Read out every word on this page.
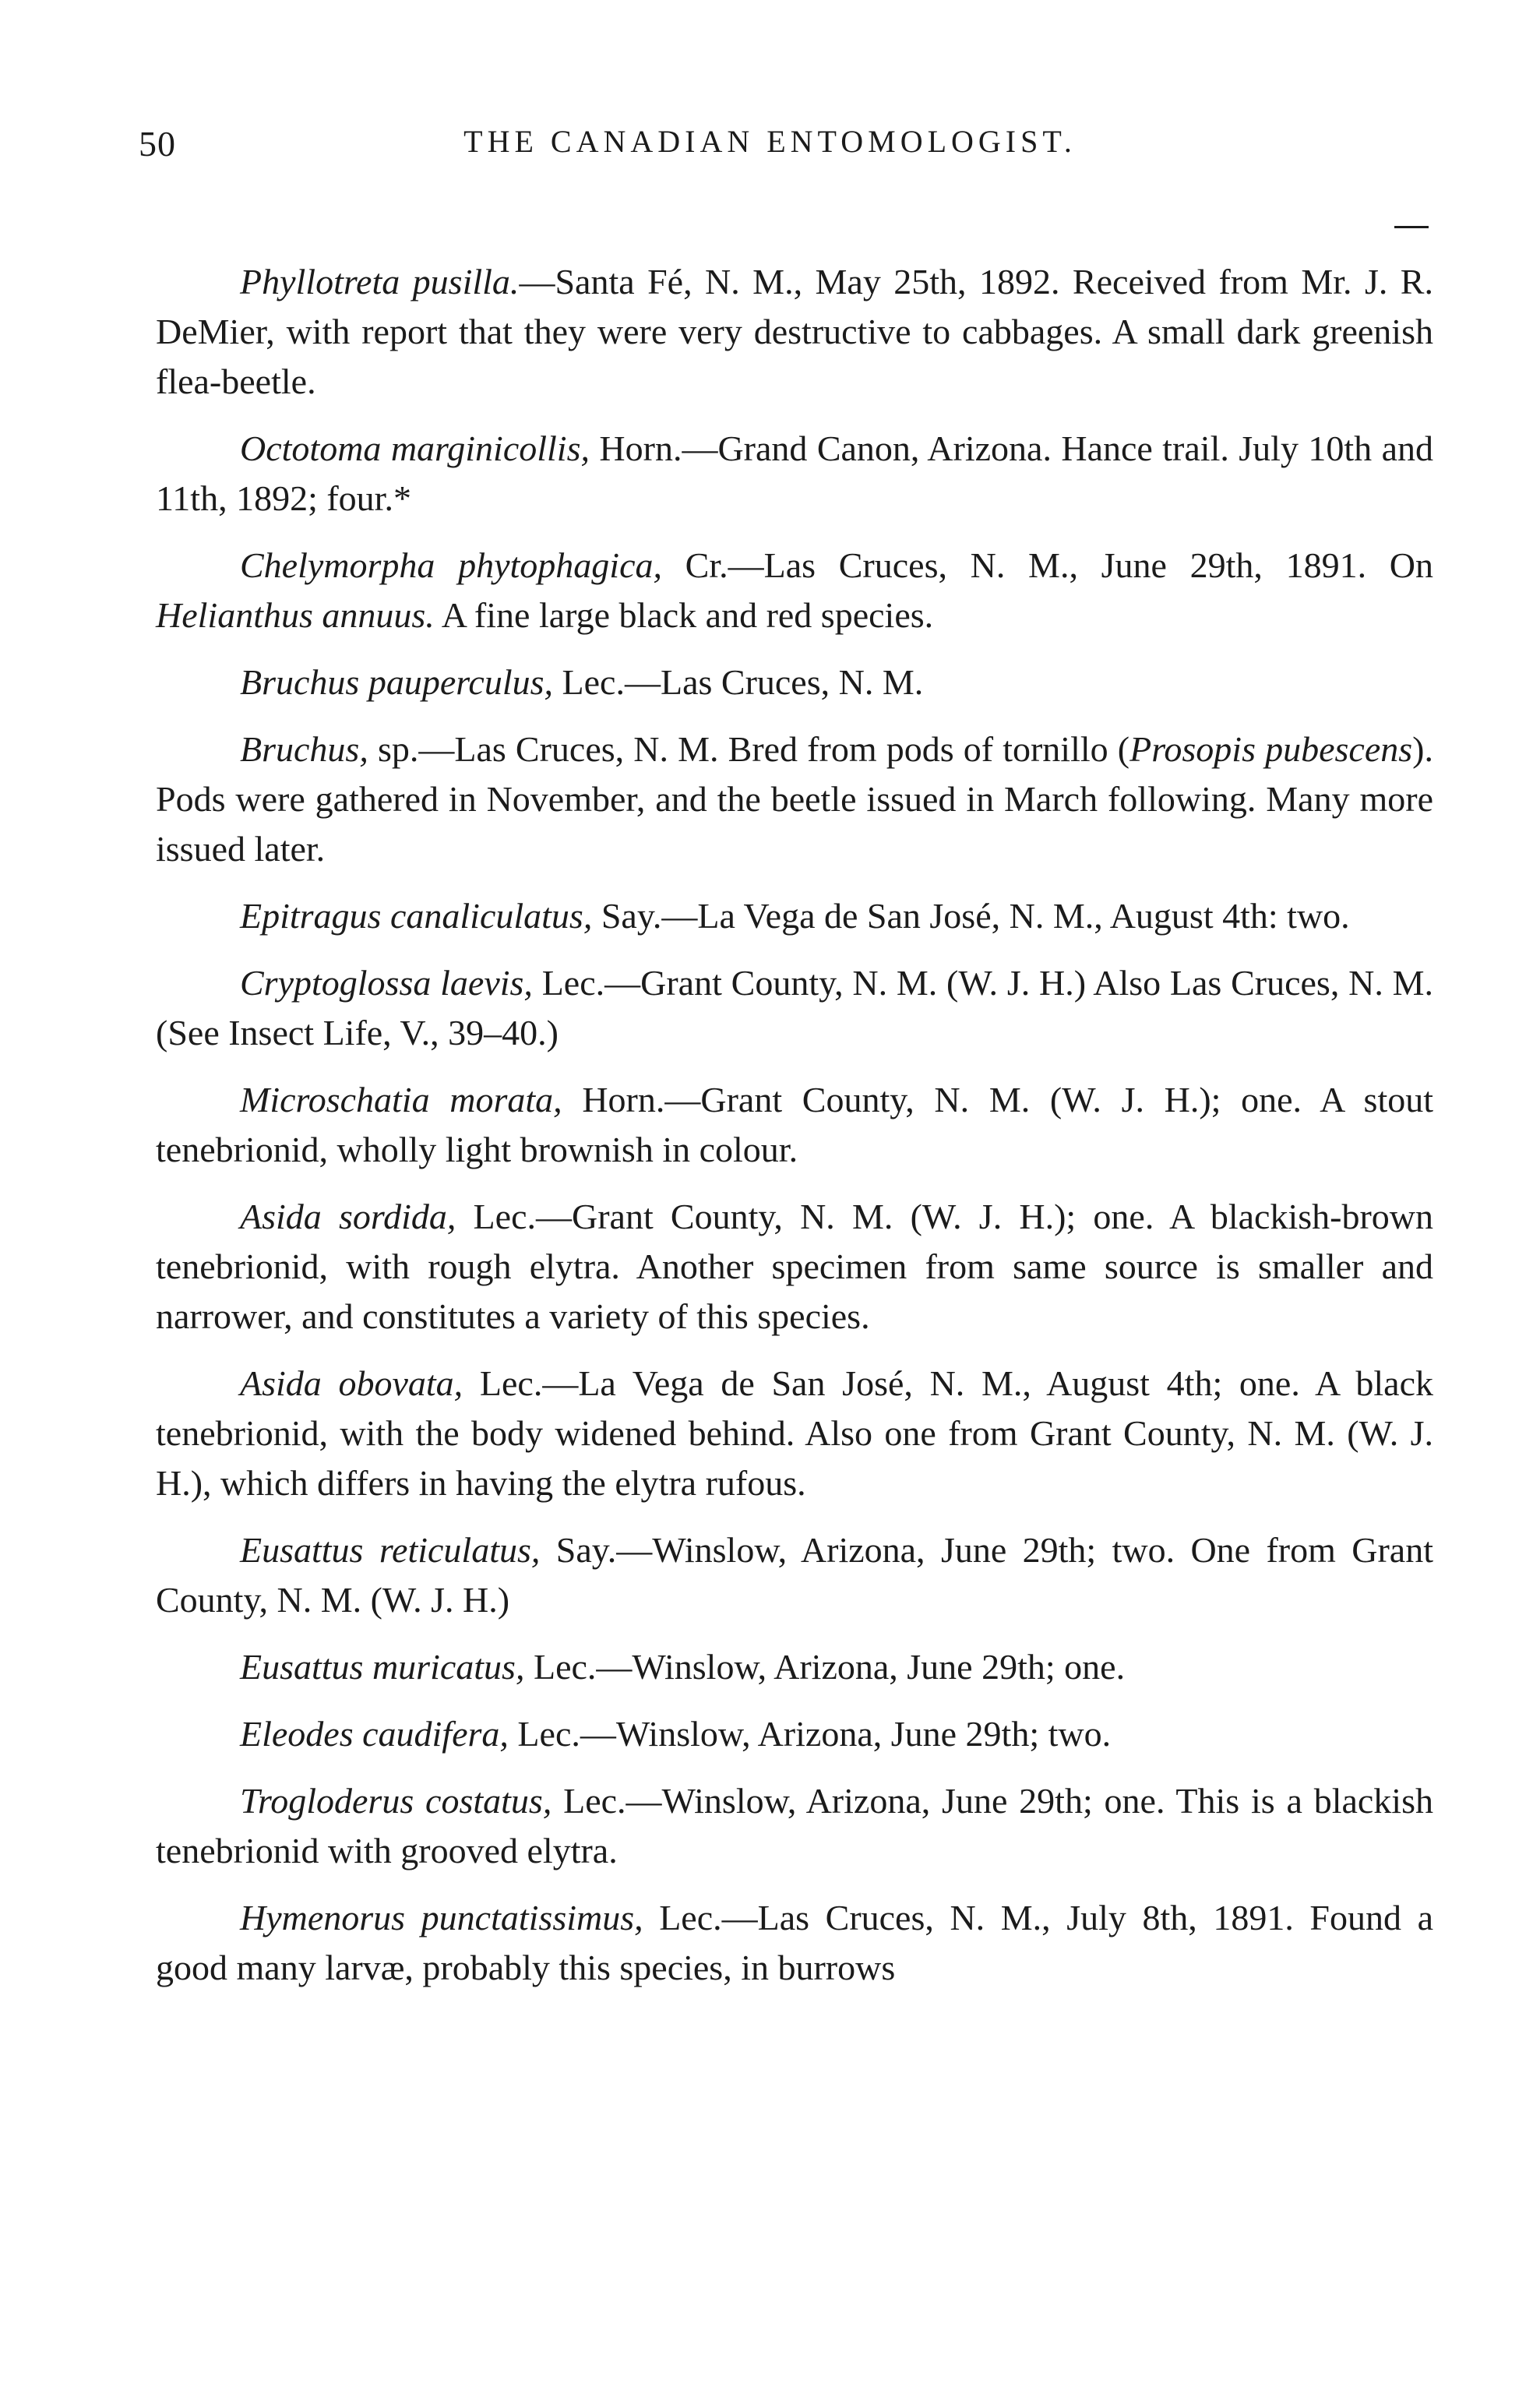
50	THE CANADIAN ENTOMOLOGIST.

Phyllotreta pusilla.—Santa Fé, N. M., May 25th, 1892. Received from Mr. J. R. DeMier, with report that they were very destructive to cabbages. A small dark greenish flea-beetle.

Octotoma marginicollis, Horn.—Grand Canon, Arizona. Hance trail. July 10th and 11th, 1892; four.*

Chelymorpha phytophagica, Cr.—Las Cruces, N. M., June 29th, 1891. On Helianthus annuus. A fine large black and red species.

Bruchus pauperculus, Lec.—Las Cruces, N. M.

Bruchus, sp.—Las Cruces, N. M. Bred from pods of tornillo (Prosopis pubescens). Pods were gathered in November, and the beetle issued in March following. Many more issued later.

Epitragus canaliculatus, Say.—La Vega de San José, N. M., August 4th: two.

Cryptoglossa laevis, Lec.—Grant County, N. M. (W. J. H.) Also Las Cruces, N. M. (See Insect Life, V., 39–40.)

Microschatia morata, Horn.—Grant County, N. M. (W. J. H.); one. A stout tenebrionid, wholly light brownish in colour.

Asida sordida, Lec.—Grant County, N. M. (W. J. H.); one. A blackish-brown tenebrionid, with rough elytra. Another specimen from same source is smaller and narrower, and constitutes a variety of this species.

Asida obovata, Lec.—La Vega de San José, N. M., August 4th; one. A black tenebrionid, with the body widened behind. Also one from Grant County, N. M. (W. J. H.), which differs in having the elytra rufous.

Eusattus reticulatus, Say.—Winslow, Arizona, June 29th; two. One from Grant County, N. M. (W. J. H.)

Eusattus muricatus, Lec.—Winslow, Arizona, June 29th; one.

Eleodes caudifera, Lec.—Winslow, Arizona, June 29th; two.

Trogloderus costatus, Lec.—Winslow, Arizona, June 29th; one. This is a blackish tenebrionid with grooved elytra.

Hymenorus punctatissimus, Lec.—Las Cruces, N. M., July 8th, 1891. Found a good many larvæ, probably this species, in burrows
